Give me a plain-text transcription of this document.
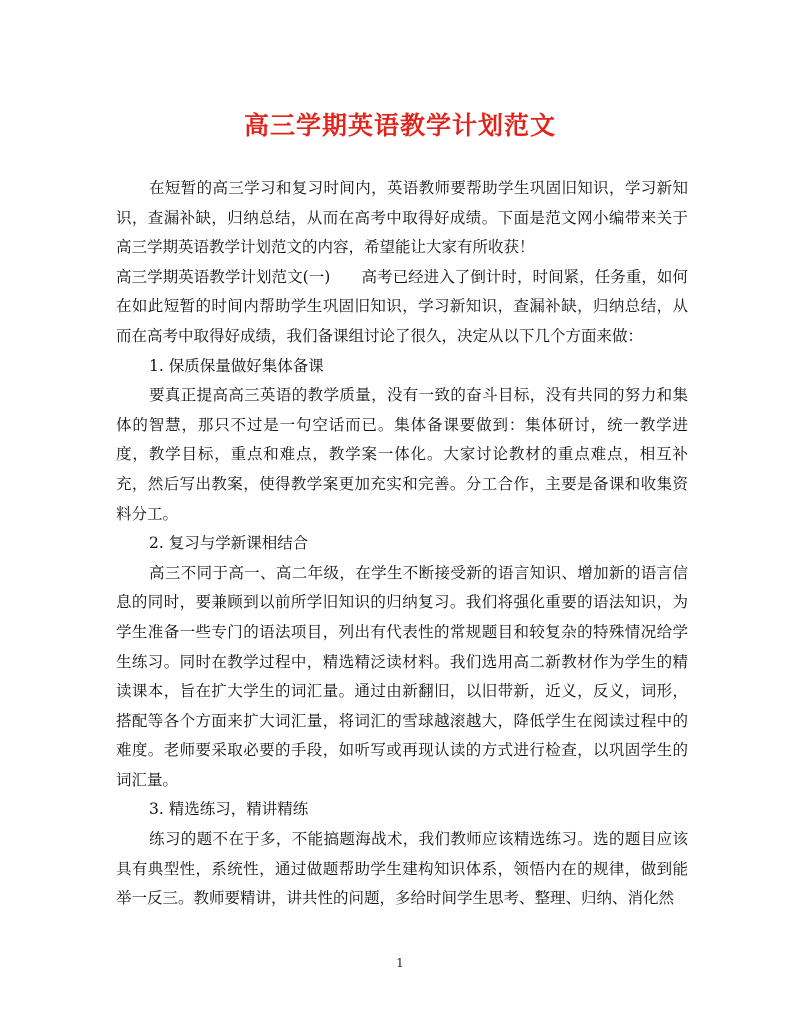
高三学期英语教学计划范文

在短暂的高三学习和复习时间内，英语教师要帮助学生巩固旧知识，学习新知识，查漏补缺，归纳总结，从而在高考中取得好成绩。下面是范文网小编带来关于高三学期英语教学计划范文的内容，希望能让大家有所收获！

高三学期英语教学计划范文(一)　　高考已经进入了倒计时，时间紧，任务重，如何在如此短暂的时间内帮助学生巩固旧知识，学习新知识，查漏补缺，归纳总结，从而在高考中取得好成绩，我们备课组讨论了很久，决定从以下几个方面来做：

1. 保质保量做好集体备课

要真正提高高三英语的教学质量，没有一致的奋斗目标，没有共同的努力和集体的智慧，那只不过是一句空话而已。集体备课要做到：集体研讨，统一教学进度，教学目标，重点和难点，教学案一体化。大家讨论教材的重点难点，相互补充，然后写出教案，使得教学案更加充实和完善。分工合作，主要是备课和收集资料分工。

2. 复习与学新课相结合

高三不同于高一、高二年级，在学生不断接受新的语言知识、增加新的语言信息的同时，要兼顾到以前所学旧知识的归纳复习。我们将强化重要的语法知识，为学生准备一些专门的语法项目，列出有代表性的常规题目和较复杂的特殊情况给学生练习。同时在教学过程中，精选精泛读材料。我们选用高二新教材作为学生的精读课本，旨在扩大学生的词汇量。通过由新翻旧，以旧带新，近义，反义，词形，搭配等各个方面来扩大词汇量，将词汇的雪球越滚越大，降低学生在阅读过程中的难度。老师要采取必要的手段，如听写或再现认读的方式进行检查，以巩固学生的词汇量。

3. 精选练习，精讲精练

练习的题不在于多，不能搞题海战术，我们教师应该精选练习。选的题目应该具有典型性，系统性，通过做题帮助学生建构知识体系，领悟内在的规律，做到能举一反三。教师要精讲，讲共性的问题，多给时间学生思考、整理、归纳、消化然

1
